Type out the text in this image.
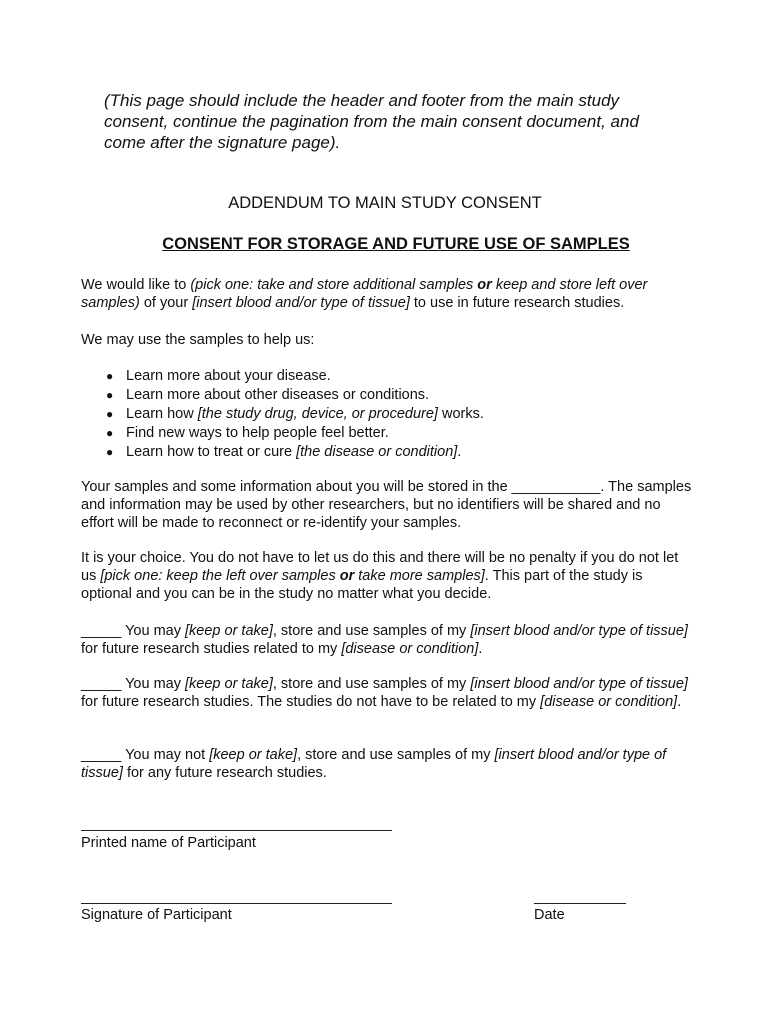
(This page should include the header and footer from the main study consent, continue the pagination from the main consent document, and come after the signature page).
ADDENDUM TO MAIN STUDY CONSENT
CONSENT FOR STORAGE AND FUTURE USE OF SAMPLES
We would like to (pick one: take and store additional samples or keep and store left over samples) of your [insert blood and/or type of tissue] to use in future research studies.
We may use the samples to help us:
● Learn more about your disease.
● Learn more about other diseases or conditions.
● Learn how [the study drug, device, or procedure] works.
● Find new ways to help people feel better.
● Learn how to treat or cure [the disease or condition].
Your samples and some information about you will be stored in the ___________. The samples and information may be used by other researchers, but no identifiers will be shared and no effort will be made to reconnect or re-identify your samples.
It is your choice. You do not have to let us do this and there will be no penalty if you do not let us [pick one: keep the left over samples or take more samples]. This part of the study is optional and you can be in the study no matter what you decide.
_____ You may [keep or take], store and use samples of my [insert blood and/or type of tissue] for future research studies related to my [disease or condition].
_____ You may [keep or take], store and use samples of my [insert blood and/or type of tissue] for future research studies. The studies do not have to be related to my [disease or condition].
_____ You may not [keep or take], store and use samples of my [insert blood and/or type of tissue] for any future research studies.
Printed name of Participant
Signature of Participant	Date
